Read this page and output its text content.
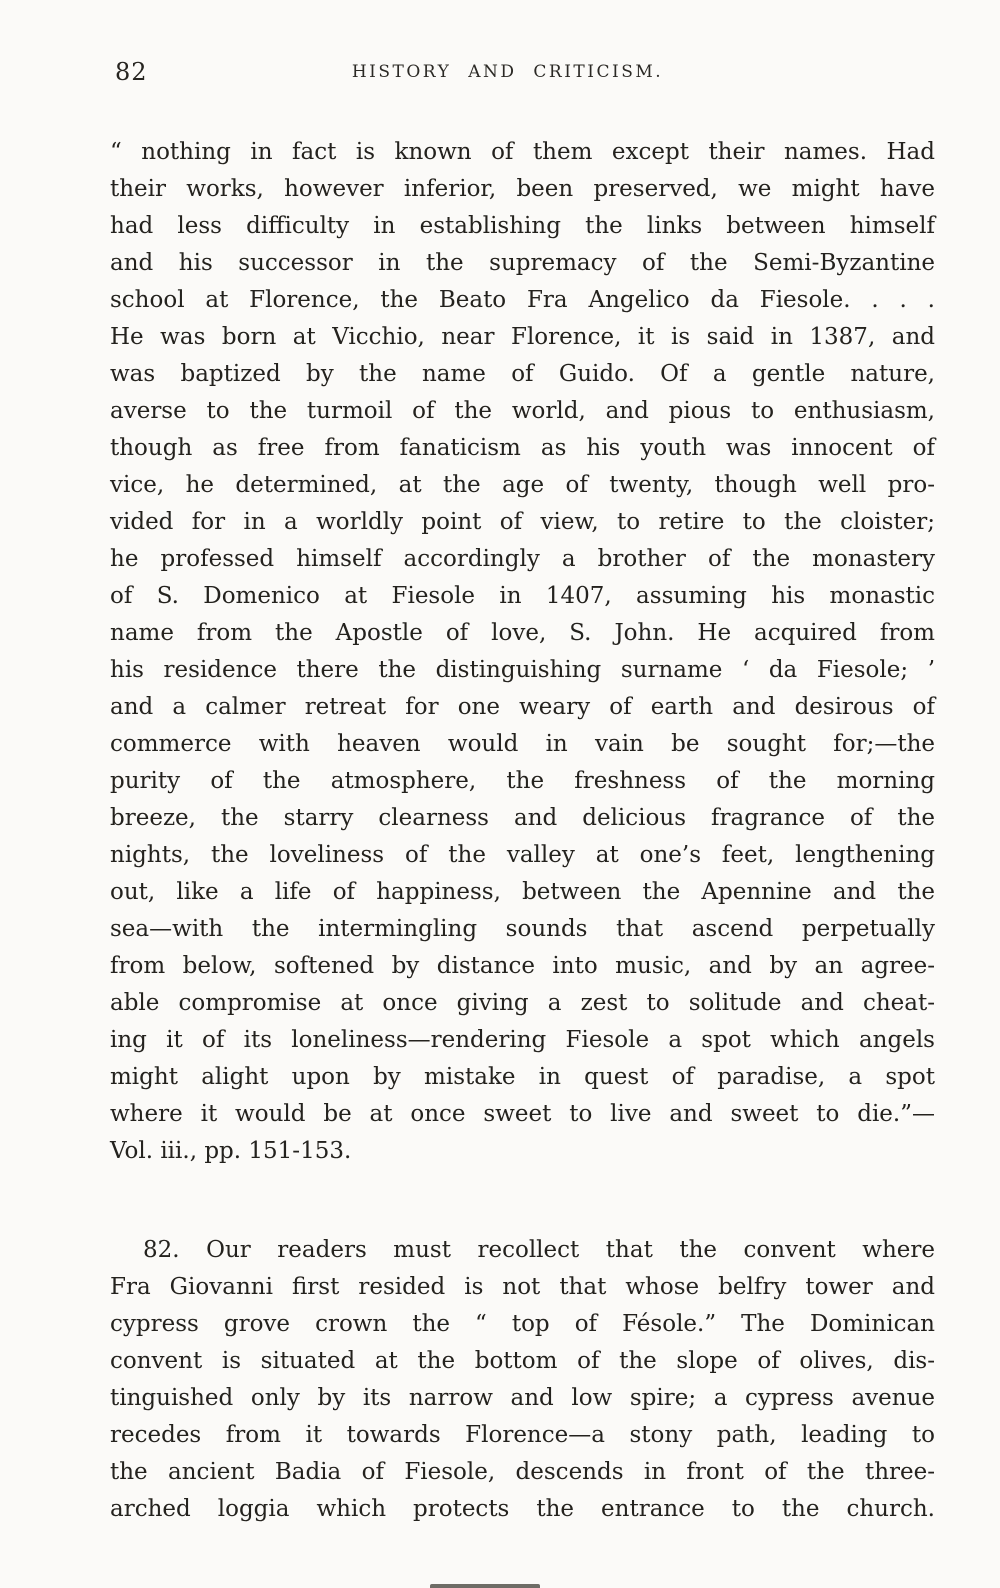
82	HISTORY AND CRITICISM.
“ nothing in fact is known of them except their names. Had
their works, however inferior, been preserved, we might have
had less difficulty in establishing the links between himself
and his successor in the supremacy of the Semi-Byzantine
school at Florence, the Beato Fra Angelico da Fiesole. . . .
He was born at Vicchio, near Florence, it is said in 1387, and
was baptized by the name of Guido. Of a gentle nature,
averse to the turmoil of the world, and pious to enthusiasm,
though as free from fanaticism as his youth was innocent of
vice, he determined, at the age of twenty, though well pro-
vided for in a worldly point of view, to retire to the cloister;
he professed himself accordingly a brother of the monastery
of S. Domenico at Fiesole in 1407, assuming his monastic
name from the Apostle of love, S. John. He acquired from
his residence there the distinguishing surname ‘ da Fiesole; ’
and a calmer retreat for one weary of earth and desirous of
commerce with heaven would in vain be sought for;—the
purity of the atmosphere, the freshness of the morning
breeze, the starry clearness and delicious fragrance of the
nights, the loveliness of the valley at one’s feet, lengthening
out, like a life of happiness, between the Apennine and the
sea—with the intermingling sounds that ascend perpetually
from below, softened by distance into music, and by an agree-
able compromise at once giving a zest to solitude and cheat-
ing it of its loneliness—rendering Fiesole a spot which angels
might alight upon by mistake in quest of paradise, a spot
where it would be at once sweet to live and sweet to die.”—
Vol. iii., pp. 151-153.
82. Our readers must recollect that the convent where
Fra Giovanni first resided is not that whose belfry tower and
cypress grove crown the “ top of Fésole.” The Dominican
convent is situated at the bottom of the slope of olives, dis-
tinguished only by its narrow and low spire; a cypress avenue
recedes from it towards Florence—a stony path, leading to
the ancient Badia of Fiesole, descends in front of the three-
arched loggia which protects the entrance to the church.
